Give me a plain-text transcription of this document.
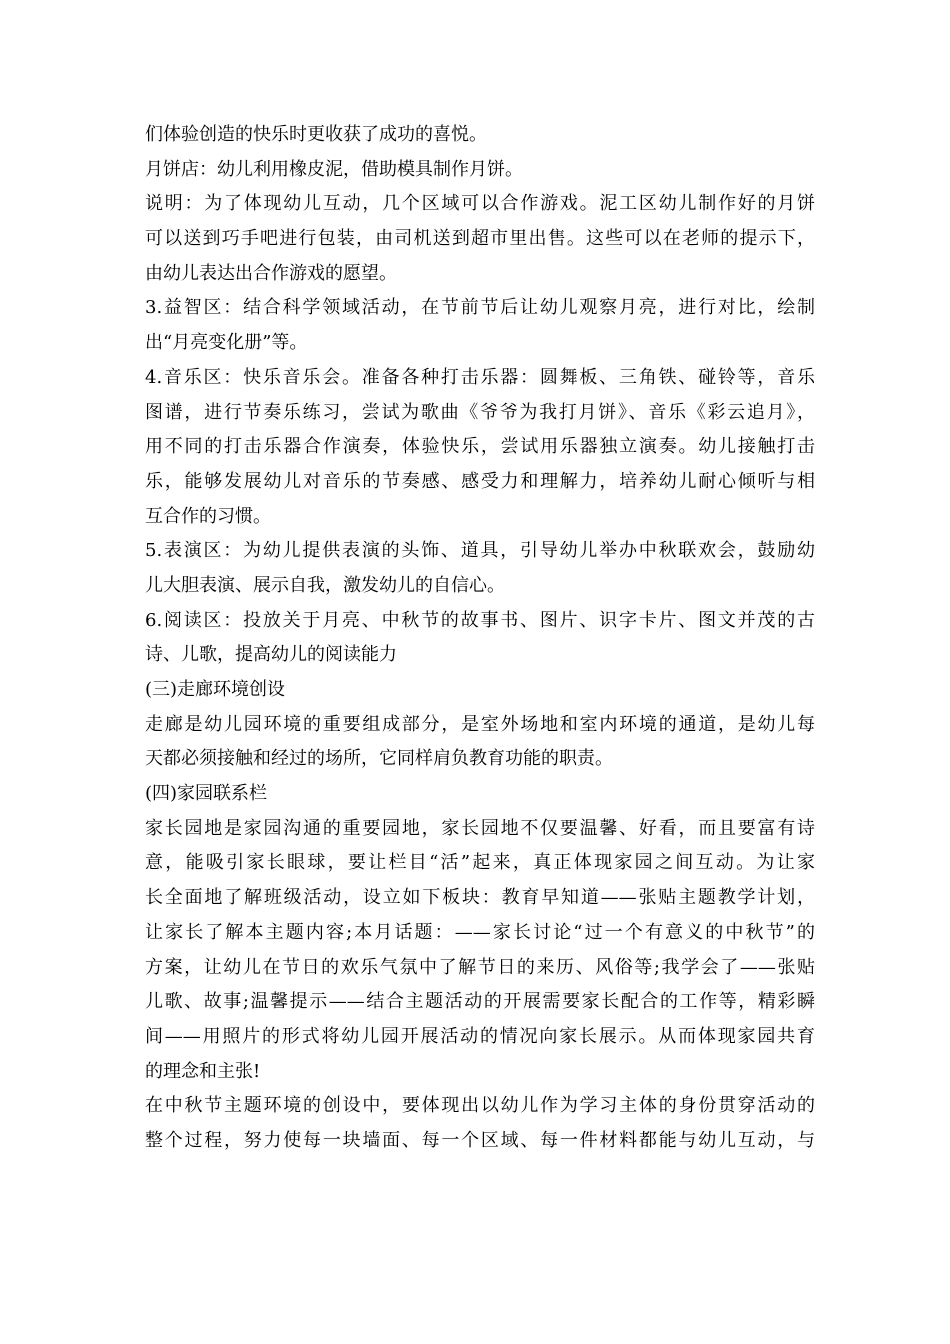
们体验创造的快乐时更收获了成功的喜悦。
月饼店：幼儿利用橡皮泥，借助模具制作月饼。
说明：为了体现幼儿互动，几个区域可以合作游戏。泥工区幼儿制作好的月饼
可以送到巧手吧进行包装，由司机送到超市里出售。这些可以在老师的提示下，
由幼儿表达出合作游戏的愿望。
3.益智区：结合科学领域活动，在节前节后让幼儿观察月亮，进行对比，绘制
出“月亮变化册”等。
4.音乐区：快乐音乐会。准备各种打击乐器：圆舞板、三角铁、碰铃等，音乐
图谱，进行节奏乐练习，尝试为歌曲《爷爷为我打月饼》、音乐《彩云追月》，
用不同的打击乐器合作演奏，体验快乐，尝试用乐器独立演奏。幼儿接触打击
乐，能够发展幼儿对音乐的节奏感、感受力和理解力，培养幼儿耐心倾听与相
互合作的习惯。
5.表演区：为幼儿提供表演的头饰、道具，引导幼儿举办中秋联欢会，鼓励幼
儿大胆表演、展示自我，激发幼儿的自信心。
6.阅读区：投放关于月亮、中秋节的故事书、图片、识字卡片、图文并茂的古
诗、儿歌，提高幼儿的阅读能力
(三)走廊环境创设
走廊是幼儿园环境的重要组成部分，是室外场地和室内环境的通道，是幼儿每
天都必须接触和经过的场所，它同样肩负教育功能的职责。
(四)家园联系栏
家长园地是家园沟通的重要园地，家长园地不仅要温馨、好看，而且要富有诗
意，能吸引家长眼球，要让栏目“活”起来，真正体现家园之间互动。为让家
长全面地了解班级活动，设立如下板块：教育早知道——张贴主题教学计划，
让家长了解本主题内容;本月话题：——家长讨论“过一个有意义的中秋节”的
方案，让幼儿在节日的欢乐气氛中了解节日的来历、风俗等;我学会了——张贴
儿歌、故事;温馨提示——结合主题活动的开展需要家长配合的工作等，精彩瞬
间——用照片的形式将幼儿园开展活动的情况向家长展示。从而体现家园共育
的理念和主张!
在中秋节主题环境的创设中，要体现出以幼儿作为学习主体的身份贯穿活动的
整个过程，努力使每一块墙面、每一个区域、每一件材料都能与幼儿互动，与
